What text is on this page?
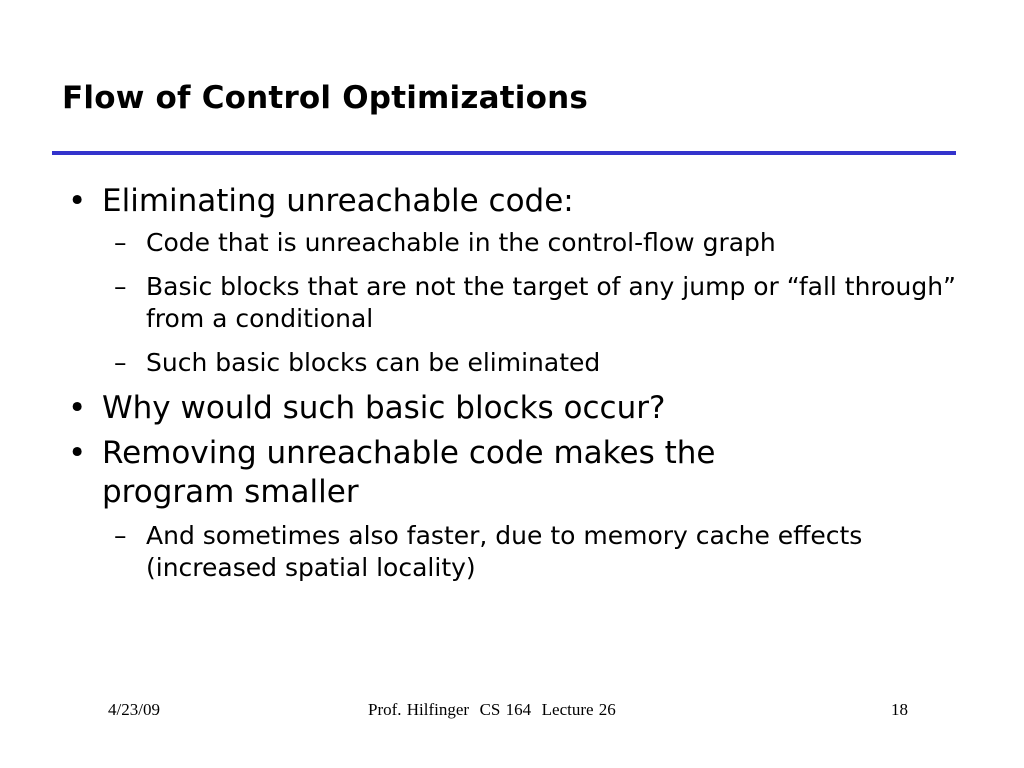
Flow of Control Optimizations
• Eliminating unreachable code:
– Code that is unreachable in the control-flow graph
– Basic blocks that are not the target of any jump or “fall through” from a conditional
– Such basic blocks can be eliminated
• Why would such basic blocks occur?
• Removing unreachable code makes the program smaller
– And sometimes also faster, due to memory cache effects (increased spatial locality)
4/23/09	Prof. Hilfinger  CS 164  Lecture 26	18
